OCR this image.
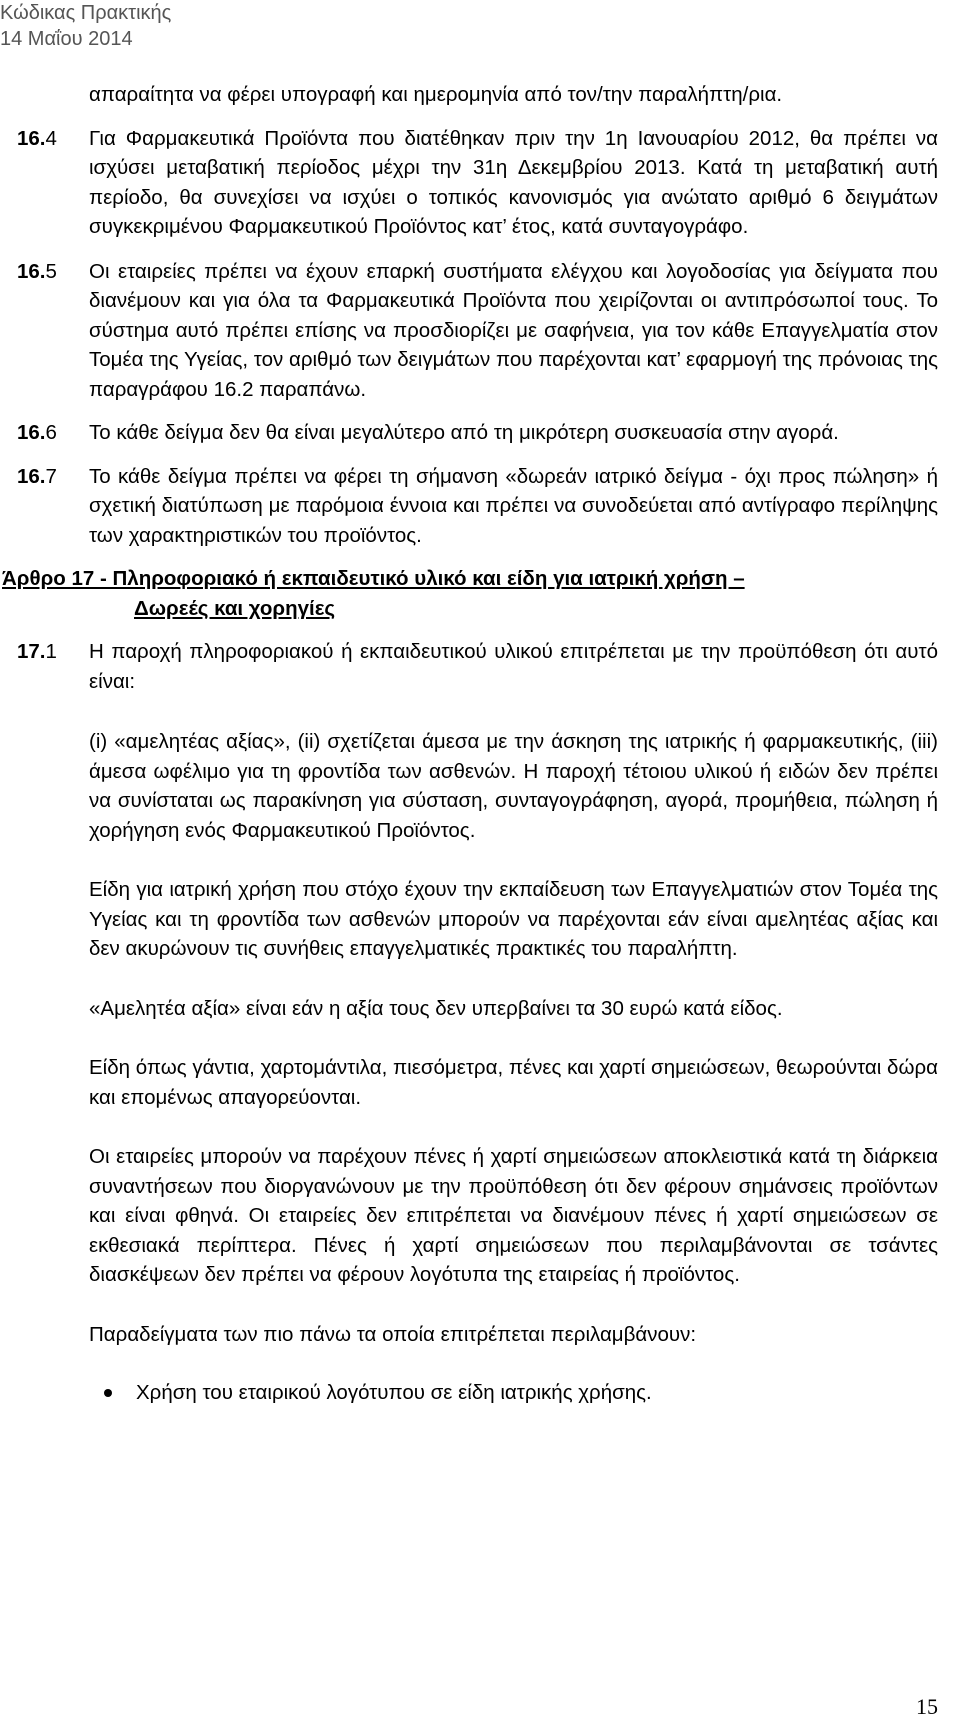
Κώδικας Πρακτικής
14 Μαΐου 2014
απαραίτητα να φέρει υπογραφή και ημερομηνία από τον/την παραλήπτη/ρια.
16.4	Για Φαρμακευτικά Προϊόντα που διατέθηκαν πριν την 1η Ιανουαρίου 2012, θα πρέπει να ισχύσει μεταβατική περίοδος μέχρι την 31η Δεκεμβρίου 2013. Κατά τη μεταβατική αυτή περίοδο, θα συνεχίσει να ισχύει ο τοπικός κανονισμός για ανώτατο αριθμό 6 δειγμάτων συγκεκριμένου Φαρμακευτικού Προϊόντος κατ’ έτος, κατά συνταγογράφο.
16.5	Οι εταιρείες πρέπει να έχουν επαρκή συστήματα ελέγχου και λογοδοσίας για δείγματα που διανέμουν και για όλα τα Φαρμακευτικά Προϊόντα που χειρίζονται οι αντιπρόσωποί τους. Το σύστημα αυτό πρέπει επίσης να προσδιορίζει με σαφήνεια, για τον κάθε Επαγγελματία στον Τομέα της Υγείας, τον αριθμό των δειγμάτων που παρέχονται κατ’ εφαρμογή της πρόνοιας της παραγράφου 16.2 παραπάνω.
16.6	Το κάθε δείγμα δεν θα είναι μεγαλύτερο από τη μικρότερη συσκευασία στην αγορά.
16.7	Το κάθε δείγμα πρέπει να φέρει τη σήμανση «δωρεάν ιατρικό δείγμα - όχι προς πώληση» ή σχετική διατύπωση με παρόμοια έννοια και πρέπει να συνοδεύεται από αντίγραφο περίληψης των χαρακτηριστικών του προϊόντος.
Άρθρο 17 - Πληροφοριακό ή εκπαιδευτικό υλικό και είδη για ιατρική χρήση –
Δωρεές και χορηγίες
17.1	Η παροχή πληροφοριακού ή εκπαιδευτικού υλικού επιτρέπεται με την προϋπόθεση ότι αυτό είναι:
(i) «αμελητέας αξίας», (ii) σχετίζεται άμεσα με την άσκηση της ιατρικής ή φαρμακευτικής, (iii) άμεσα ωφέλιμο για τη φροντίδα των ασθενών. Η παροχή τέτοιου υλικού ή ειδών δεν πρέπει να συνίσταται ως παρακίνηση για σύσταση, συνταγογράφηση, αγορά, προμήθεια, πώληση ή χορήγηση ενός Φαρμακευτικού Προϊόντος.
Είδη για ιατρική χρήση που στόχο έχουν την εκπαίδευση των Επαγγελματιών στον Τομέα της Υγείας και τη φροντίδα των ασθενών μπορούν να παρέχονται εάν είναι αμελητέας αξίας και δεν ακυρώνουν τις συνήθεις επαγγελματικές πρακτικές του παραλήπτη.
«Αμελητέα αξία» είναι εάν η αξία τους δεν υπερβαίνει τα 30 ευρώ κατά είδος.
Είδη όπως γάντια, χαρτομάντιλα, πιεσόμετρα, πένες και χαρτί σημειώσεων, θεωρούνται δώρα και επομένως απαγορεύονται.
Οι εταιρείες μπορούν να παρέχουν πένες ή χαρτί σημειώσεων αποκλειστικά κατά τη διάρκεια συναντήσεων που διοργανώνουν με την προϋπόθεση ότι δεν φέρουν σημάνσεις προϊόντων και είναι φθηνά. Οι εταιρείες δεν επιτρέπεται να διανέμουν πένες ή χαρτί σημειώσεων σε εκθεσιακά περίπτερα. Πένες ή χαρτί σημειώσεων που περιλαμβάνονται σε τσάντες διασκέψεων δεν πρέπει να φέρουν λογότυπα της εταιρείας ή προϊόντος.
Παραδείγματα των πιο πάνω τα οποία επιτρέπεται περιλαμβάνουν:
Χρήση του εταιρικού λογότυπου σε είδη ιατρικής χρήσης.
15
